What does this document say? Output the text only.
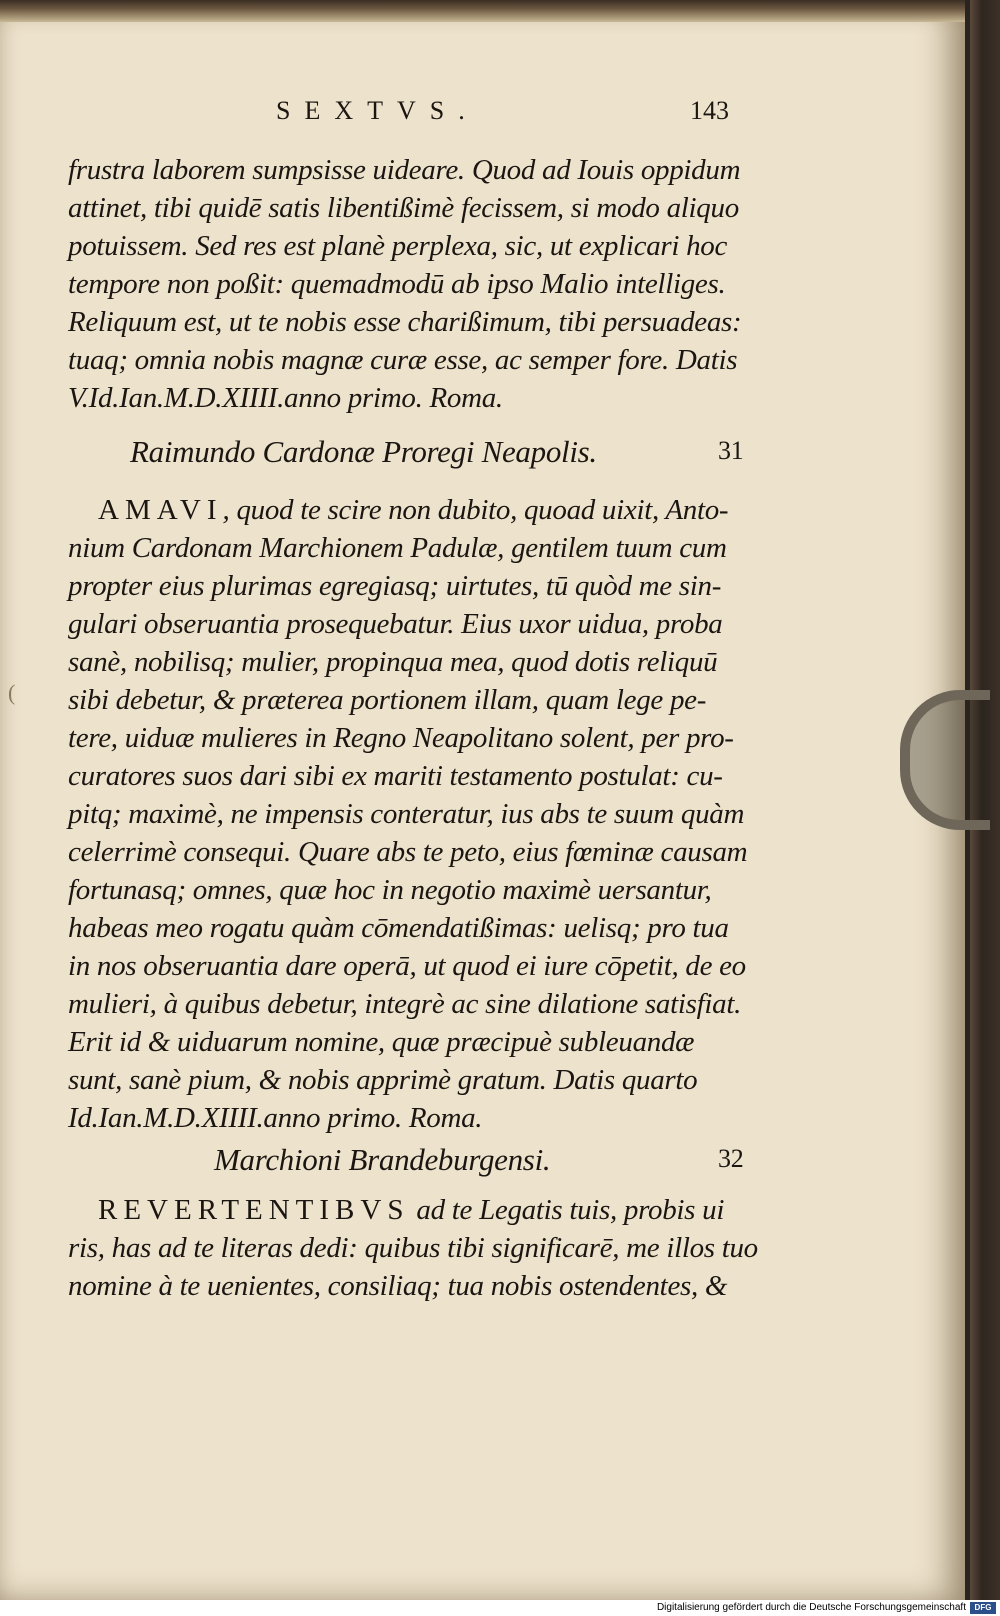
SEXTVS.	143
frustra laborem sumpsisse uideare. Quod ad Iouis oppidum
attinet, tibi quidē satis libentißimè fecissem, si modo aliquo
potuissem. Sed res est planè perplexa, sic, ut explicari hoc
tempore non poßit: quemadmodū ab ipso Malio intelliges.
Reliquum est, ut te nobis esse charißimum, tibi persuadeas:
tuaq; omnia nobis magnæ curæ esse, ac semper fore. Datis
V.Id.Ian.M.D.XIIII.anno primo. Roma.
Raimundo Cardonæ Proregi Neapolis.	31
AMAVI, quod te scire non dubito, quoad uixit, Anto-
nium Cardonam Marchionem Padulæ, gentilem tuum cum
propter eius plurimas egregiasq; uirtutes, tū quòd me sin-
gulari obseruantia prosequebatur. Eius uxor uidua, proba
sanè, nobilisq; mulier, propinqua mea, quod dotis reliquū
sibi debetur, & præterea portionem illam, quam lege pe-
tere, uiduæ mulieres in Regno Neapolitano solent, per pro-
curatores suos dari sibi ex mariti testamento postulat: cu-
pitq; maximè, ne impensis conteratur, ius abs te suum quàm
celerrimè consequi. Quare abs te peto, eius fœminæ causam
fortunasq; omnes, quæ hoc in negotio maximè uersantur,
habeas meo rogatu quàm cōmendatißimas: uelisq; pro tua
in nos obseruantia dare operā, ut quod ei iure cōpetit, de eo
mulieri, à quibus debetur, integrè ac sine dilatione satisfiat.
Erit id & uiduarum nomine, quæ præcipuè subleuandæ
sunt, sanè pium, & nobis apprimè gratum. Datis quarto
Id.Ian.M.D.XIIII.anno primo. Roma.
Marchioni Brandeburgensi.	32
REVERTENTIBVS ad te Legatis tuis, probis ui
ris, has ad te literas dedi: quibus tibi significarē, me illos tuo
nomine à te uenientes, consiliaq; tua nobis ostendentes, &
(
Digitalisierung gefördert durch die Deutsche Forschungsgemeinschaft	DFG
